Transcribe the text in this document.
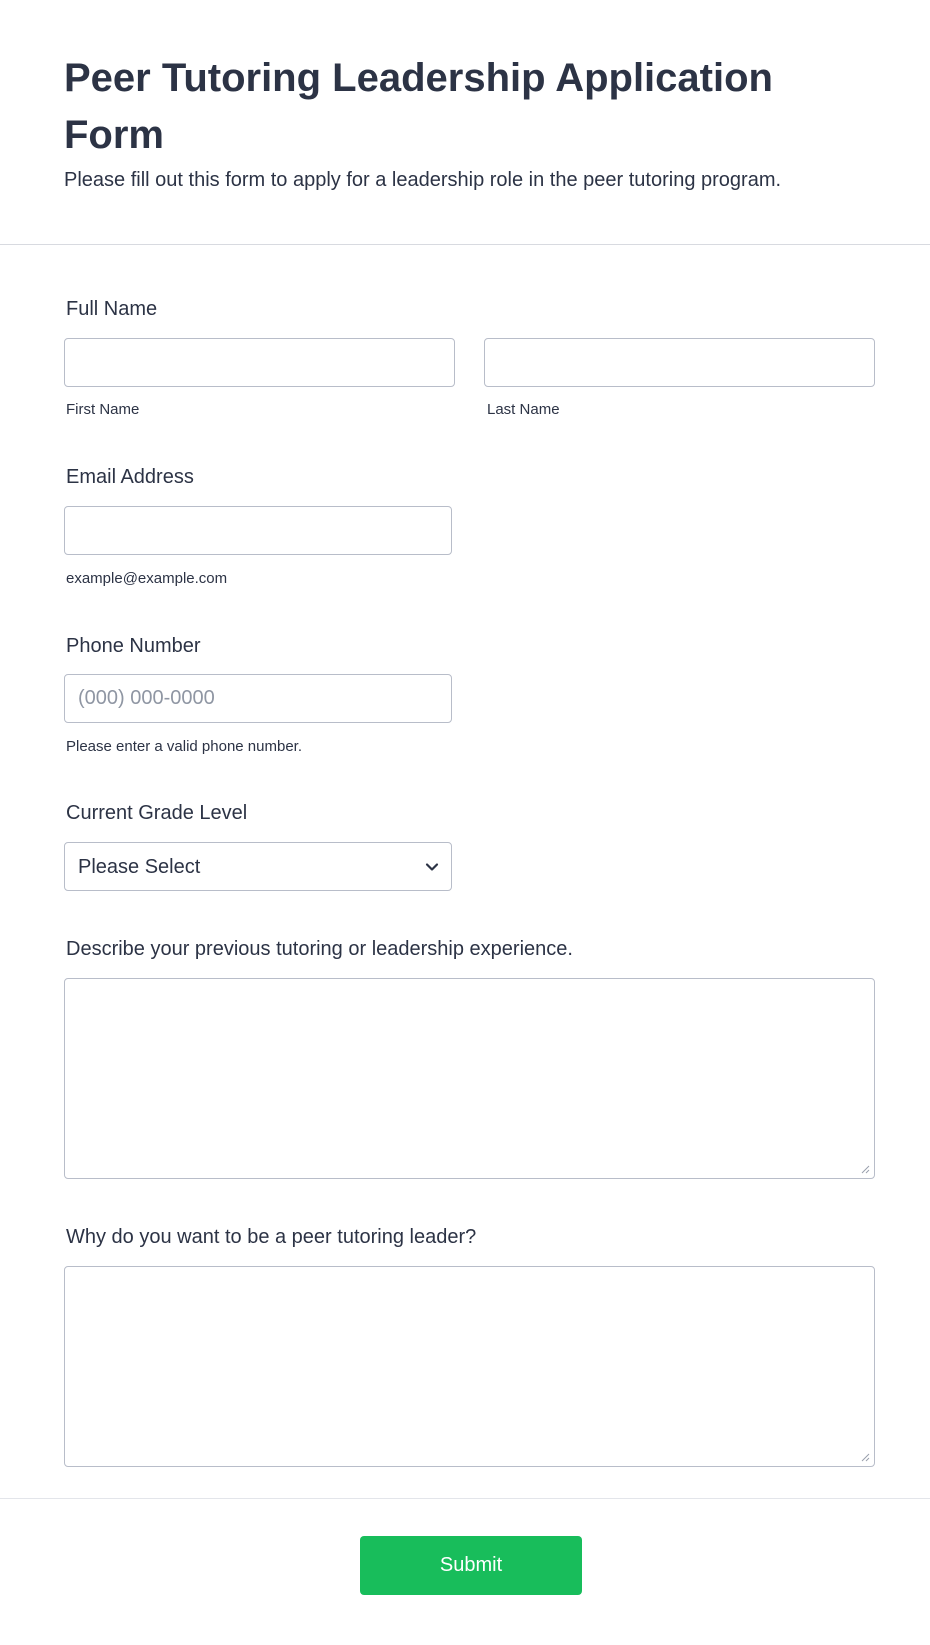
Peer Tutoring Leadership Application Form

Please fill out this form to apply for a leadership role in the peer tutoring program.

Full Name
First Name	Last Name
Email Address
example@example.com
Phone Number
(000) 000-0000
Please enter a valid phone number.
Current Grade Level
Please Select
Describe your previous tutoring or leadership experience.
Why do you want to be a peer tutoring leader?
Submit
